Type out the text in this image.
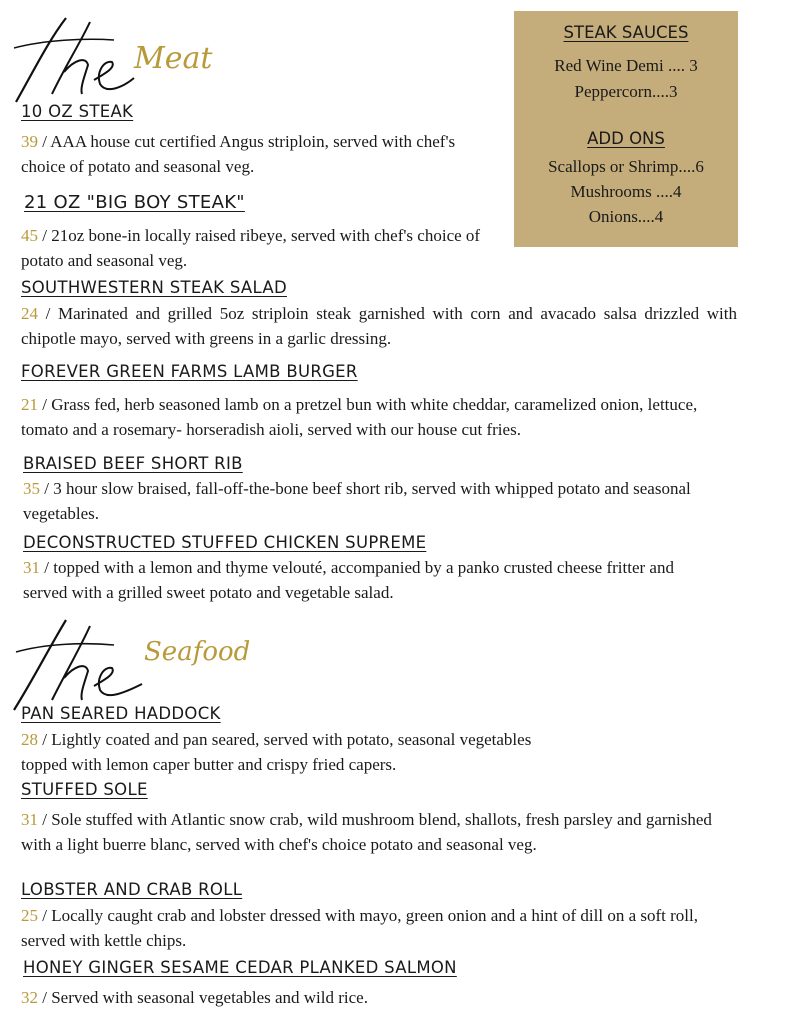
Meat
STEAK SAUCES
Red Wine Demi .... 3
Peppercorn....3
ADD ONS
Scallops or Shrimp....6
Mushrooms ....4
Onions....4
10 OZ STEAK
39 / AAA house cut certified Angus striploin, served with chef's choice of potato and seasonal veg.
21 OZ "BIG BOY STEAK"
45 / 21oz bone-in locally raised ribeye, served with chef's choice of potato and seasonal veg.
SOUTHWESTERN STEAK SALAD
24 / Marinated and grilled 5oz striploin steak garnished with corn and avacado salsa drizzled with chipotle mayo, served with greens in a garlic dressing.
FOREVER GREEN FARMS LAMB BURGER
21 / Grass fed, herb seasoned lamb on a pretzel bun with white cheddar, caramelized onion, lettuce, tomato and a rosemary- horseradish aioli, served with our house cut fries.
BRAISED BEEF SHORT RIB
35 / 3 hour slow braised, fall-off-the-bone beef short rib, served with whipped potato and seasonal vegetables.
DECONSTRUCTED STUFFED CHICKEN SUPREME
31 / topped with a lemon and thyme velouté, accompanied by a panko crusted cheese fritter and served with a grilled sweet potato and vegetable salad.
Seafood
PAN SEARED HADDOCK
28 / Lightly coated and pan seared, served with potato, seasonal vegetables topped with lemon caper butter and crispy fried capers.
STUFFED SOLE
31 / Sole stuffed with Atlantic snow crab, wild mushroom blend, shallots, fresh parsley and garnished with a light buerre blanc, served with chef's choice potato and seasonal veg.
LOBSTER AND CRAB ROLL
25 / Locally caught crab and lobster dressed with mayo, green onion and a hint of dill on a soft roll, served with kettle chips.
HONEY GINGER SESAME CEDAR PLANKED SALMON
32 / Served with seasonal vegetables and wild rice.
